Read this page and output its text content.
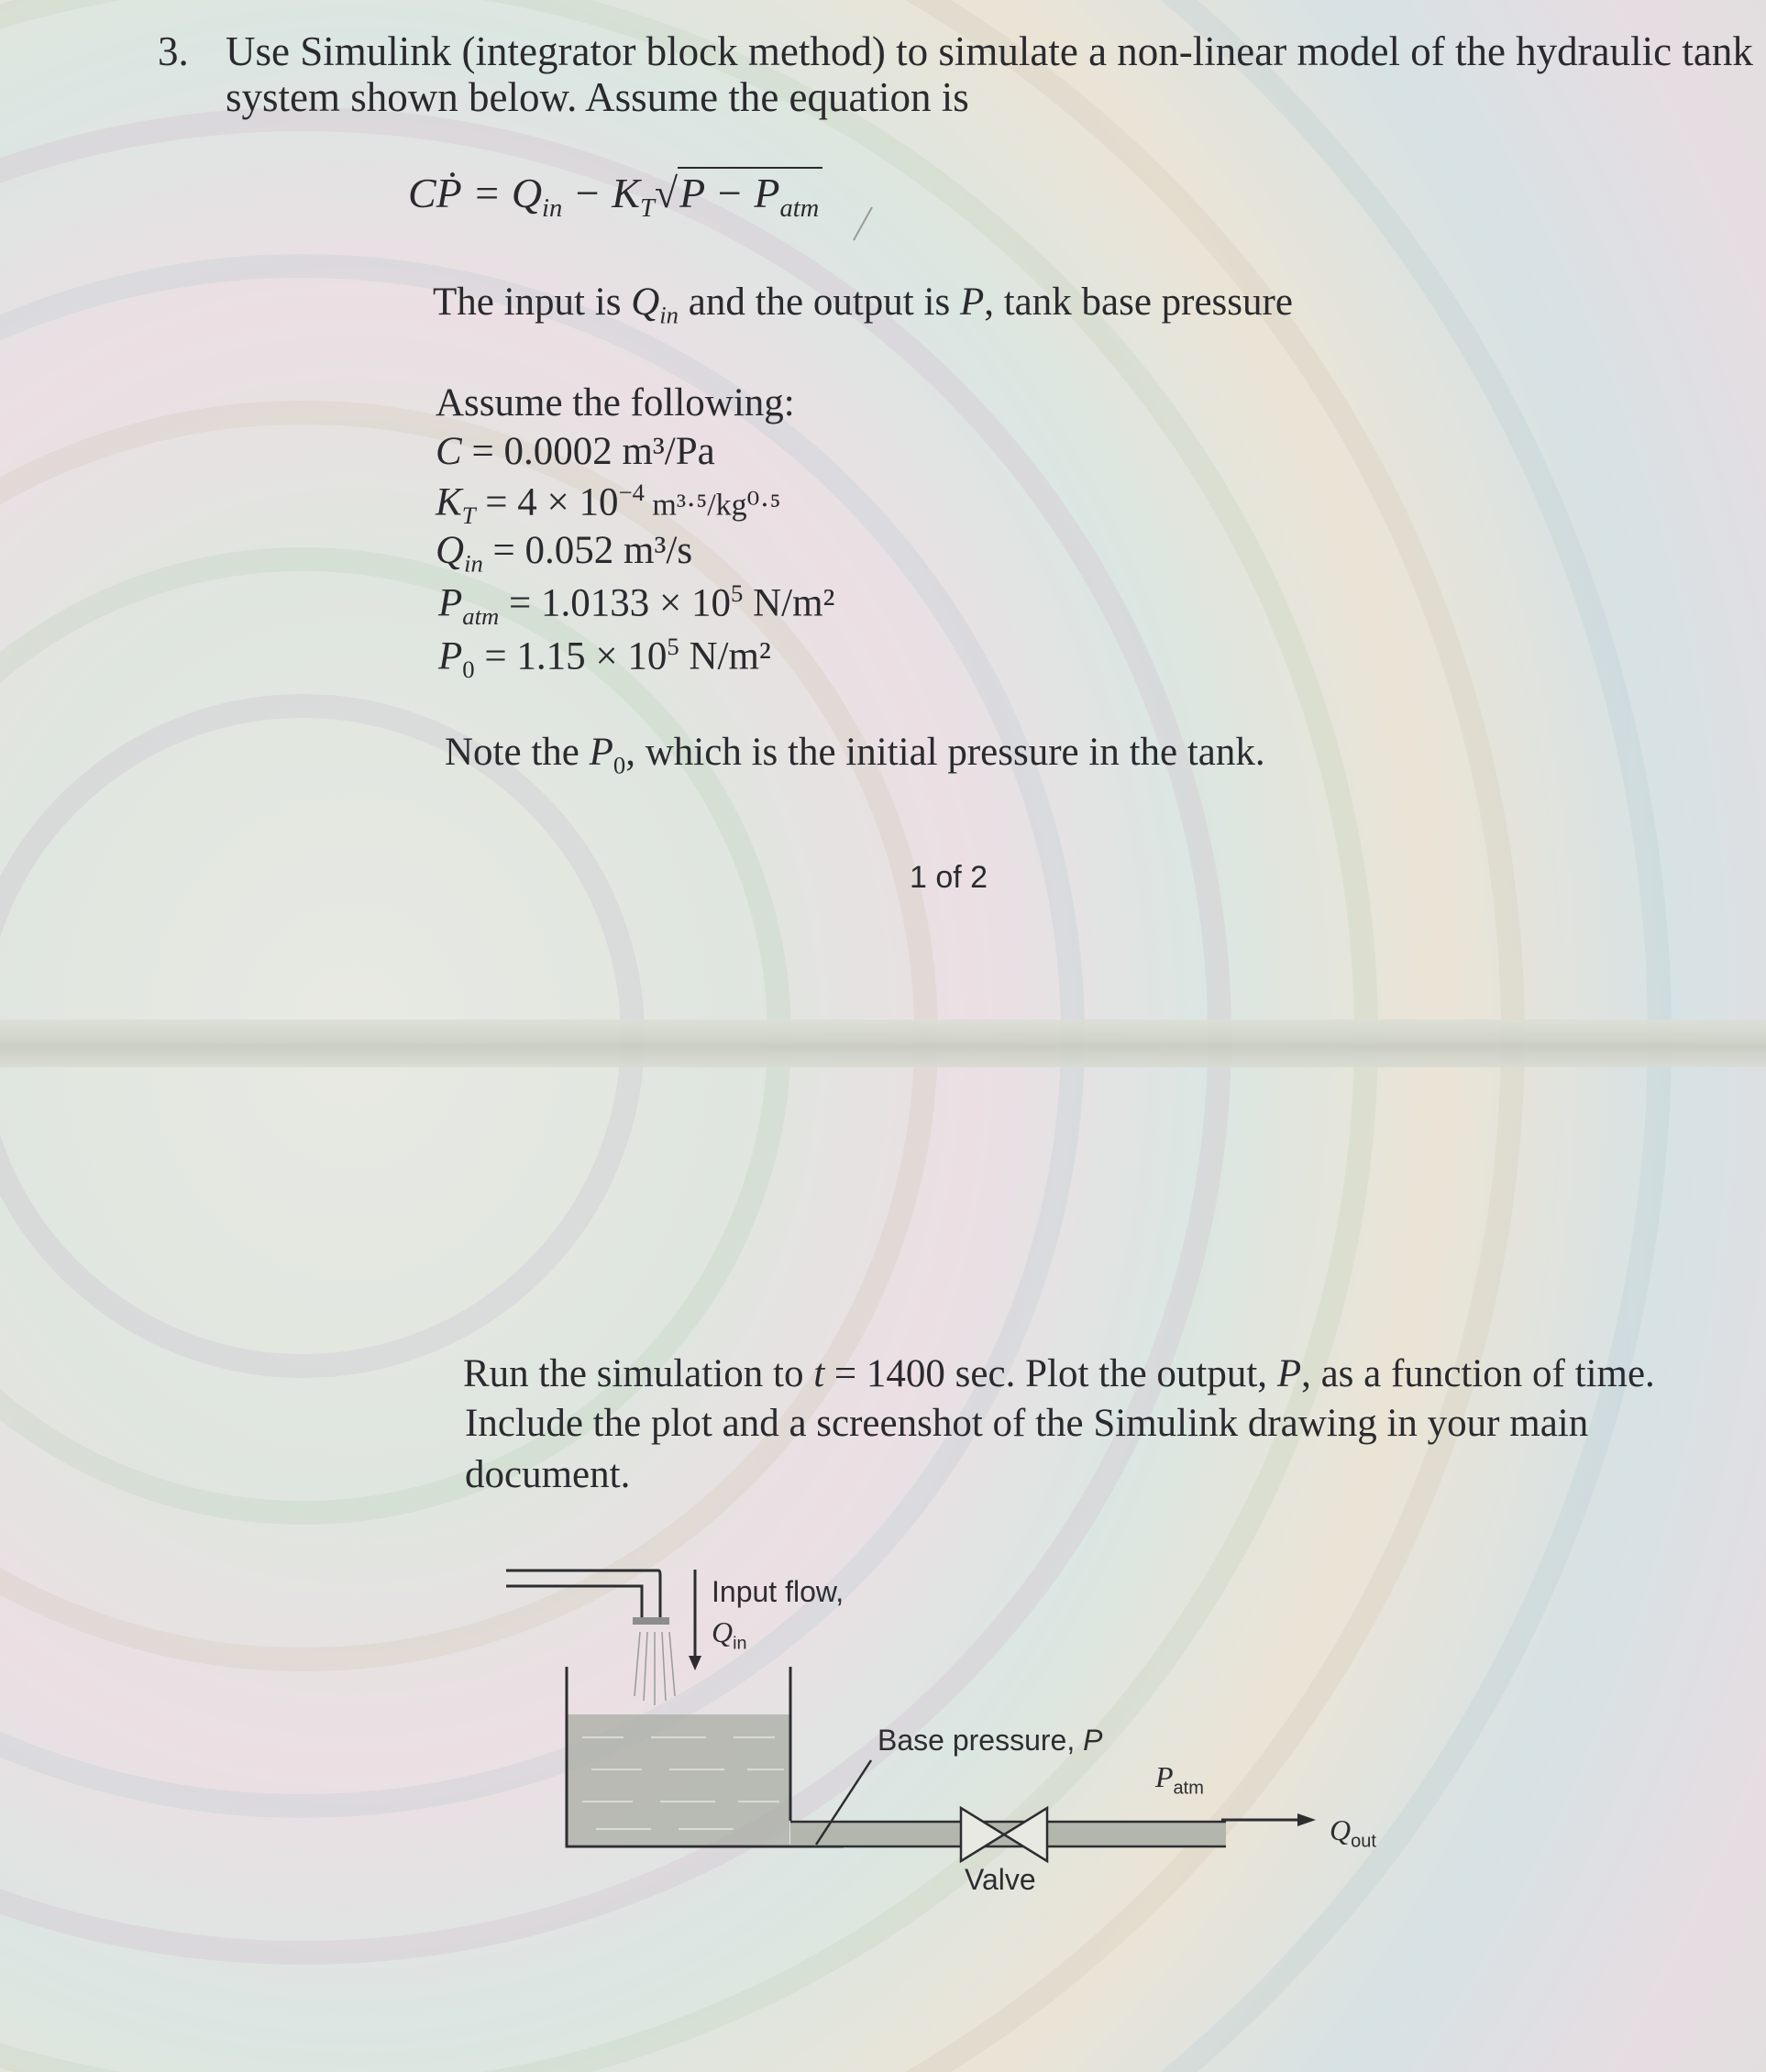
3. Use Simulink (integrator block method) to simulate a non-linear model of the hydraulic tank
system shown below. Assume the equation is
CṖ = $Q_{in} - K_T√P - P_{atm}$
The input is $Q_{in}$ and the output is P, tank base pressure
Assume the following:
C = 0.0002 m³/Pa
$K_T = 4 \times 10^{-4}$ m³·⁵/kg⁰·⁵
$Q_{in} = 0.052$ m³/s
$P_{atm} = 1.0133 \times 10^5$ N/m²
$P_0 = 1.15 \times 10^5$ N/m²
Note the $P_0$, which is the initial pressure in the tank.
1 of 2
Run the simulation to t = 1400 sec. Plot the output, P, as a function of time.
Include the plot and a screenshot of the Simulink drawing in your main
document.
Input flow,
$Q_{in}$
Base pressure, P
$P_{atm}$
$Q_{out}$
Valve
